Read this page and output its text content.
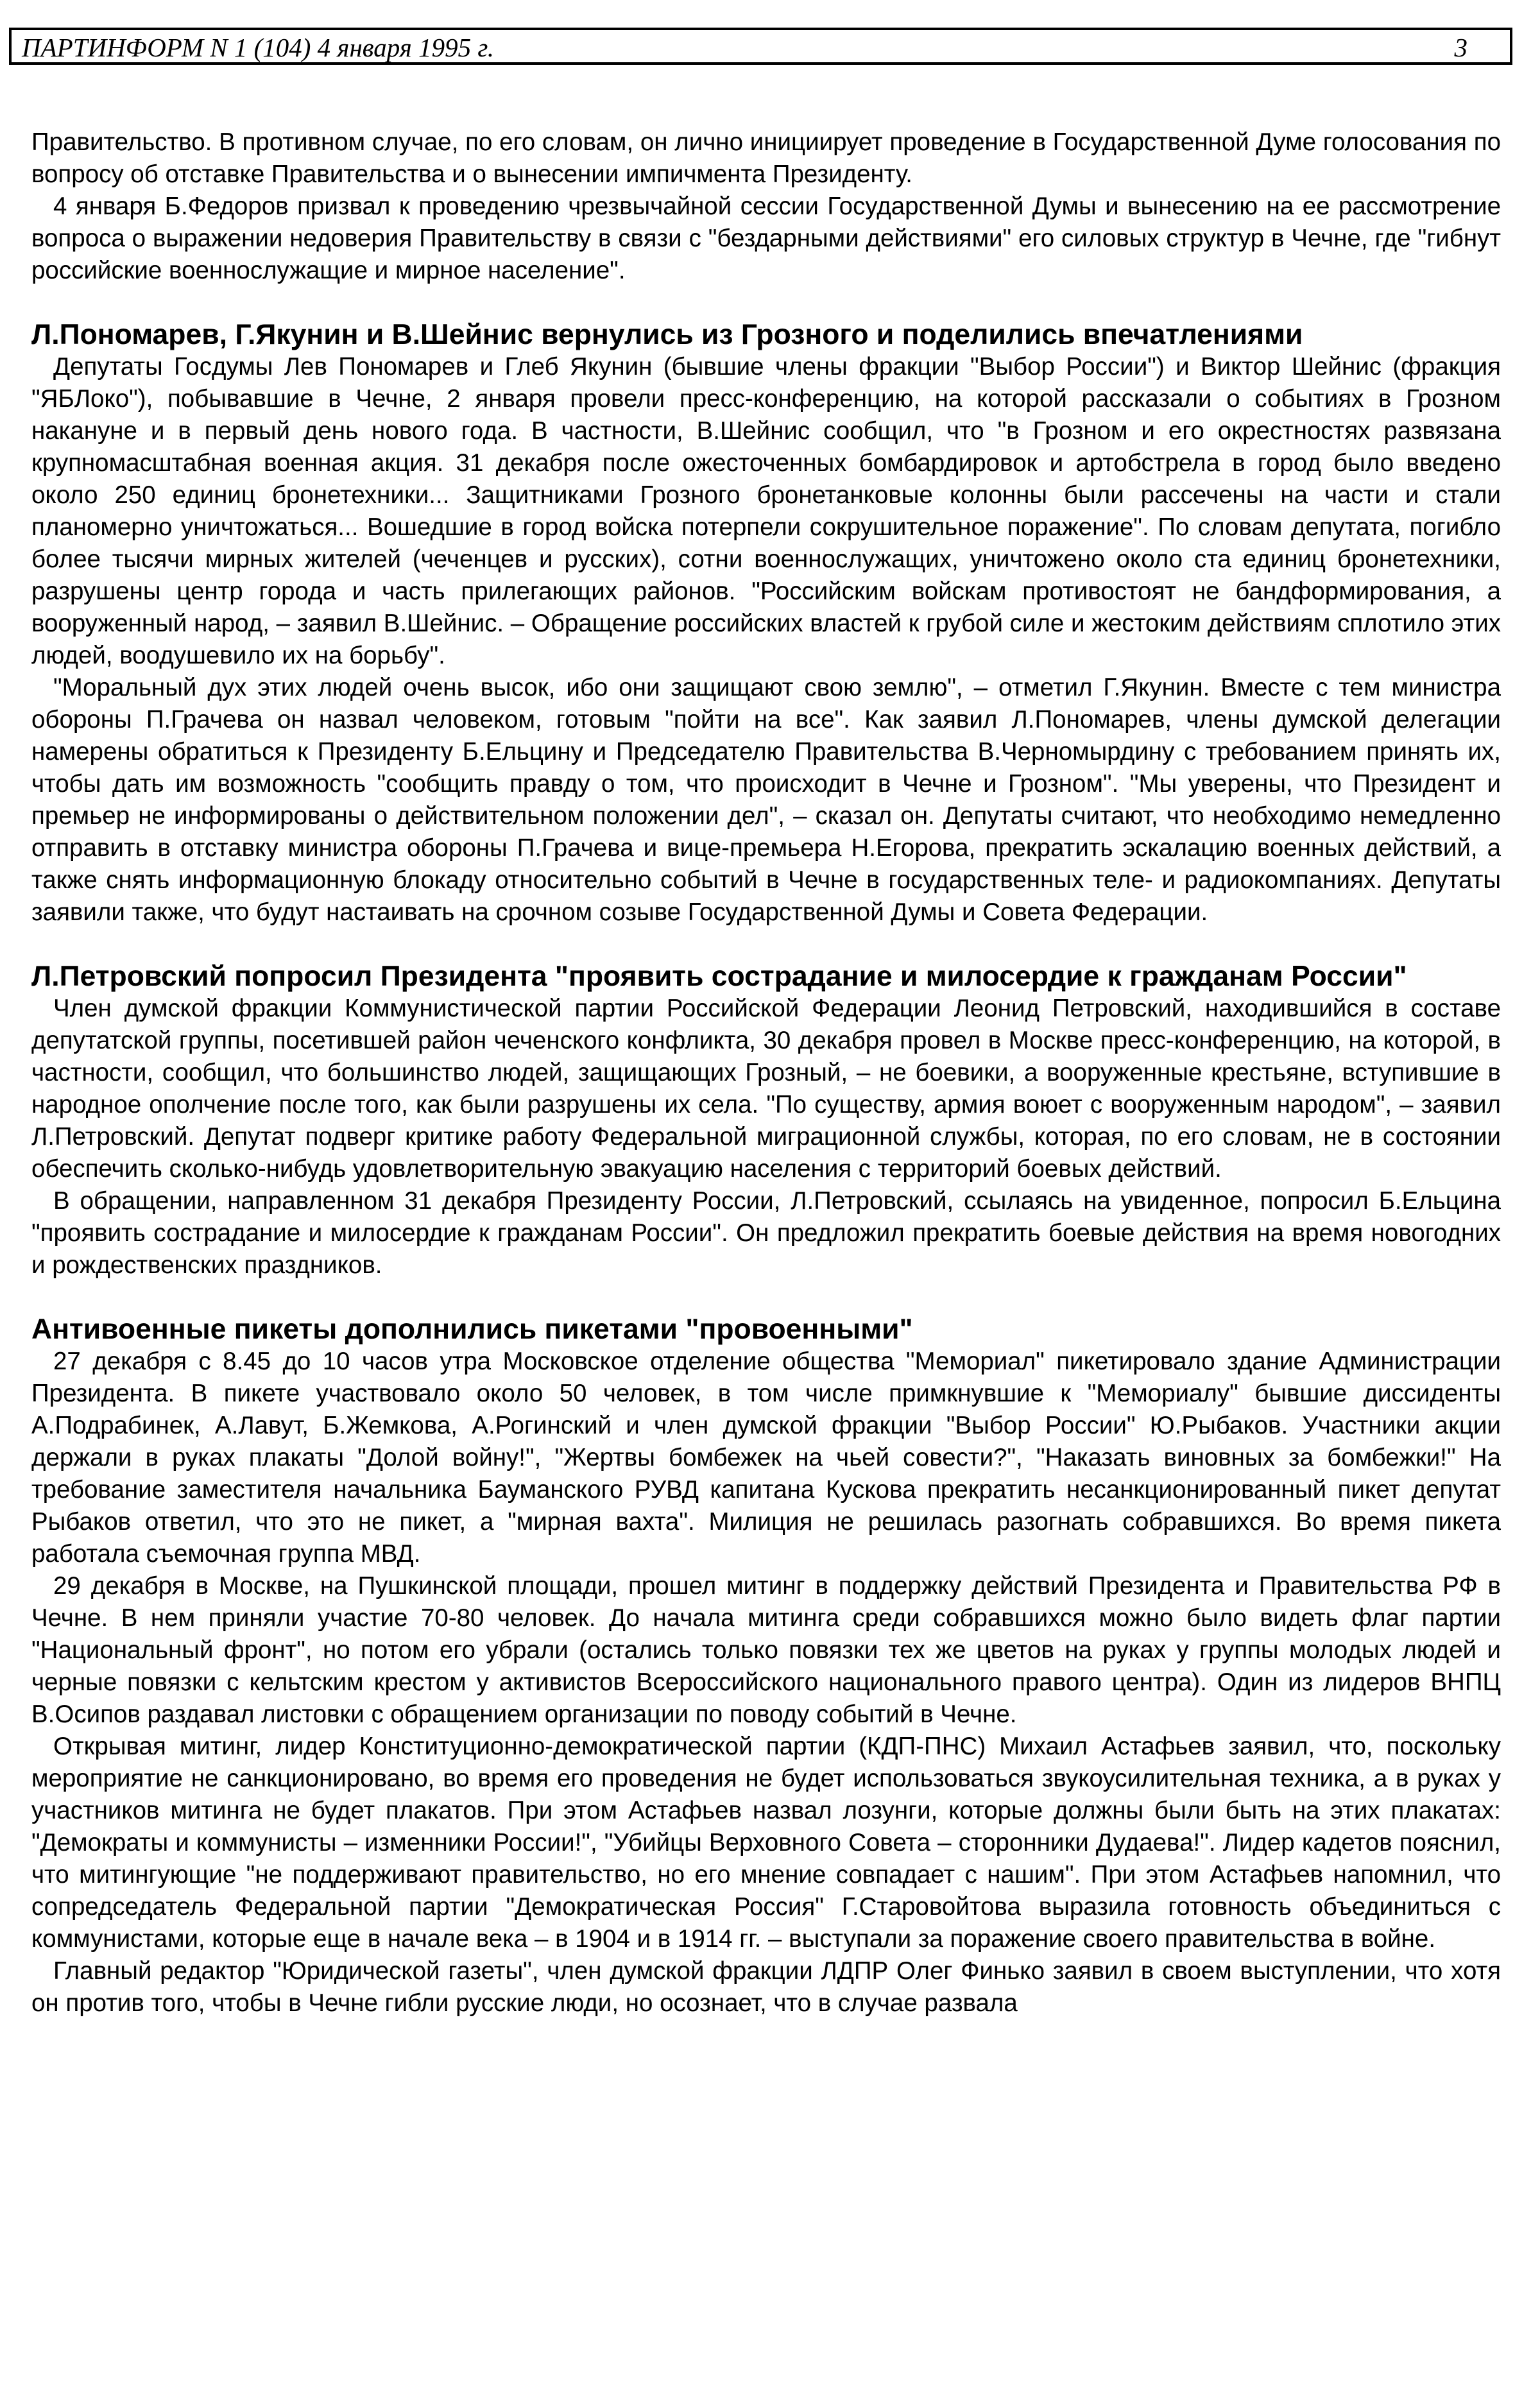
ПАРТИНФОРМ N 1 (104) 4 января 1995 г.	3

Правительство. В противном случае, по его словам, он лично инициирует проведение в Государственной Думе голосования по вопросу об отставке Правительства и о вынесении импичмента Президенту.

4 января Б.Федоров призвал к проведению чрезвычайной сессии Государственной Думы и вынесению на ее рассмотрение вопроса о выражении недоверия Правительству в связи с "бездарными действиями" его силовых структур в Чечне, где "гибнут российские военнослужащие и мирное население".

Л.Пономарев, Г.Якунин и В.Шейнис вернулись из Грозного и поделились впечатлениями

Депутаты Госдумы Лев Пономарев и Глеб Якунин (бывшие члены фракции "Выбор России") и Виктор Шейнис (фракция "ЯБЛоко"), побывавшие в Чечне, 2 января провели пресс-конференцию, на которой рассказали о событиях в Грозном накануне и в первый день нового года. В частности, В.Шейнис сообщил, что "в Грозном и его окрестностях развязана крупномасштабная военная акция. 31 декабря после ожесточенных бомбардировок и артобстрела в город было введено около 250 единиц бронетехники... Защитниками Грозного бронетанковые колонны были рассечены на части и стали планомерно уничтожаться... Вошедшие в город войска потерпели сокрушительное поражение". По словам депутата, погибло более тысячи мирных жителей (чеченцев и русских), сотни военнослужащих, уничтожено около ста единиц бронетехники, разрушены центр города и часть прилегающих районов. "Российским войскам противостоят не бандформирования, а вооруженный народ, – заявил В.Шейнис. – Обращение российских властей к грубой силе и жестоким действиям сплотило этих людей, воодушевило их на борьбу".

"Моральный дух этих людей очень высок, ибо они защищают свою землю", – отметил Г.Якунин. Вместе с тем министра обороны П.Грачева он назвал человеком, готовым "пойти на все". Как заявил Л.Пономарев, члены думской делегации намерены обратиться к Президенту Б.Ельцину и Председателю Правительства В.Черномырдину с требованием принять их, чтобы дать им возможность "сообщить правду о том, что происходит в Чечне и Грозном". "Мы уверены, что Президент и премьер не информированы о действительном положении дел", – сказал он. Депутаты считают, что необходимо немедленно отправить в отставку министра обороны П.Грачева и вице-премьера Н.Егорова, прекратить эскалацию военных действий, а также снять информационную блокаду относительно событий в Чечне в государственных теле- и радиокомпаниях. Депутаты заявили также, что будут настаивать на срочном созыве Государственной Думы и Совета Федерации.

Л.Петровский попросил Президента "проявить сострадание и милосердие к гражданам России"

Член думской фракции Коммунистической партии Российской Федерации Леонид Петровский, находившийся в составе депутатской группы, посетившей район чеченского конфликта, 30 декабря провел в Москве пресс-конференцию, на которой, в частности, сообщил, что большинство людей, защищающих Грозный, – не боевики, а вооруженные крестьяне, вступившие в народное ополчение после того, как были разрушены их села. "По существу, армия воюет с вооруженным народом", – заявил Л.Петровский. Депутат подверг критике работу Федеральной миграционной службы, которая, по его словам, не в состоянии обеспечить сколько-нибудь удовлетворительную эвакуацию населения с территорий боевых действий.

В обращении, направленном 31 декабря Президенту России, Л.Петровский, ссылаясь на увиденное, попросил Б.Ельцина "проявить сострадание и милосердие к гражданам России". Он предложил прекратить боевые действия на время новогодних и рождественских праздников.

Антивоенные пикеты дополнились пикетами "провоенными"

27 декабря с 8.45 до 10 часов утра Московское отделение общества "Мемориал" пикетировало здание Администрации Президента. В пикете участвовало около 50 человек, в том числе примкнувшие к "Мемориалу" бывшие диссиденты А.Подрабинек, А.Лавут, Б.Жемкова, А.Рогинский и член думской фракции "Выбор России" Ю.Рыбаков. Участники акции держали в руках плакаты "Долой войну!", "Жертвы бомбежек на чьей совести?", "Наказать виновных за бомбежки!" На требование заместителя начальника Бауманского РУВД капитана Кускова прекратить несанкционированный пикет депутат Рыбаков ответил, что это не пикет, а "мирная вахта". Милиция не решилась разогнать собравшихся. Во время пикета работала съемочная группа МВД.

29 декабря в Москве, на Пушкинской площади, прошел митинг в поддержку действий Президента и Правительства РФ в Чечне. В нем приняли участие 70-80 человек. До начала митинга среди собравшихся можно было видеть флаг партии "Национальный фронт", но потом его убрали (остались только повязки тех же цветов на руках у группы молодых людей и черные повязки с кельтским крестом у активистов Всероссийского национального правого центра). Один из лидеров ВНПЦ В.Осипов раздавал листовки с обращением организации по поводу событий в Чечне.

Открывая митинг, лидер Конституционно-демократической партии (КДП-ПНС) Михаил Астафьев заявил, что, поскольку мероприятие не санкционировано, во время его проведения не будет использоваться звукоусилительная техника, а в руках у участников митинга не будет плакатов. При этом Астафьев назвал лозунги, которые должны были быть на этих плакатах: "Демократы и коммунисты – изменники России!", "Убийцы Верховного Совета – сторонники Дудаева!". Лидер кадетов пояснил, что митингующие "не поддерживают правительство, но его мнение совпадает с нашим". При этом Астафьев напомнил, что сопредседатель Федеральной партии "Демократическая Россия" Г.Старовойтова выразила готовность объединиться с коммунистами, которые еще в начале века – в 1904 и в 1914 гг. – выступали за поражение своего правительства в войне.

Главный редактор "Юридической газеты", член думской фракции ЛДПР Олег Финько заявил в своем выступлении, что хотя он против того, чтобы в Чечне гибли русские люди, но осознает, что в случае развала
